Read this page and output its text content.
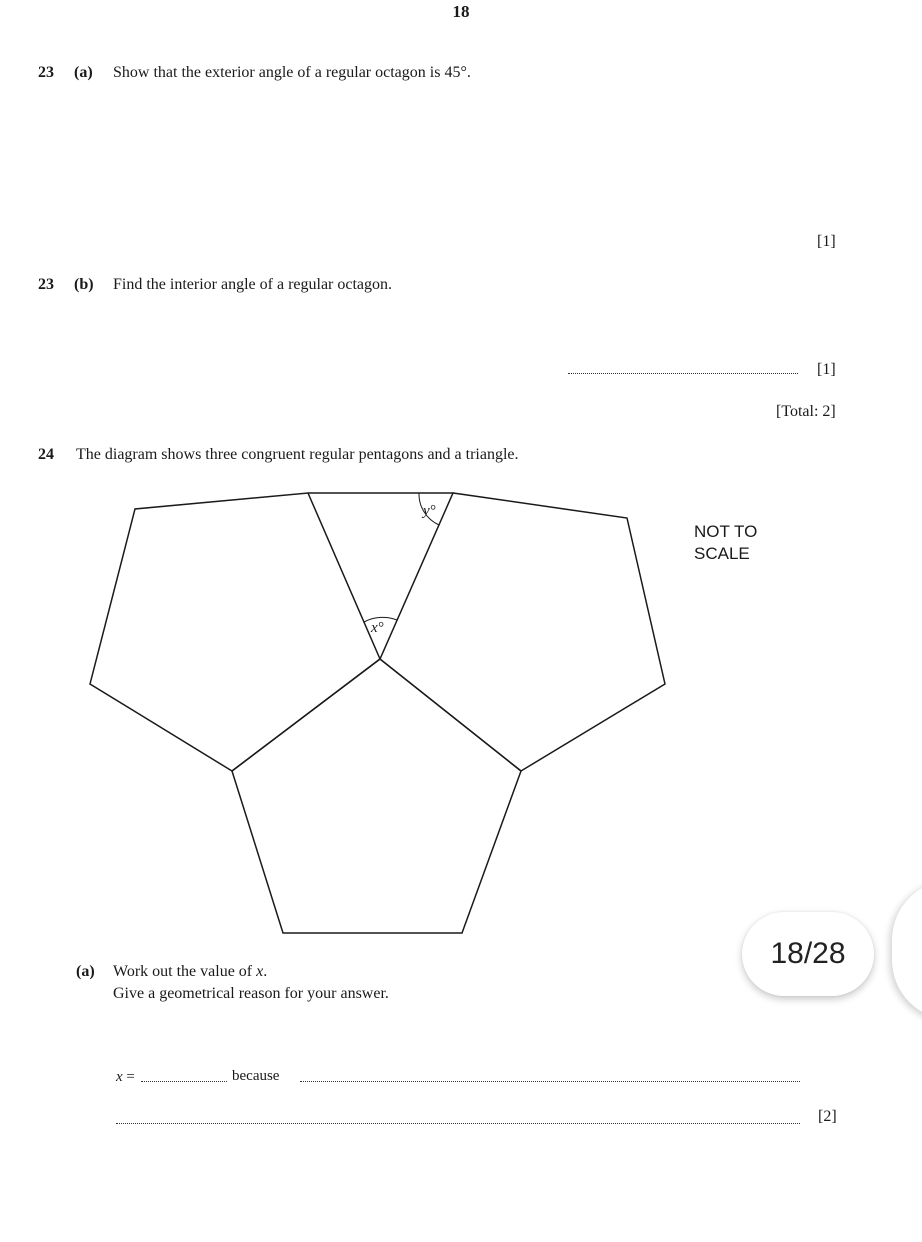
18
23 (a) Show that the exterior angle of a regular octagon is 45°.
[1]
23 (b) Find the interior angle of a regular octagon.
[1]
[Total: 2]
24 The diagram shows three congruent regular pentagons and a triangle.
y°
x°
NOT TO SCALE
(a) Work out the value of x.
Give a geometrical reason for your answer.
x =	because
[2]
18/28
